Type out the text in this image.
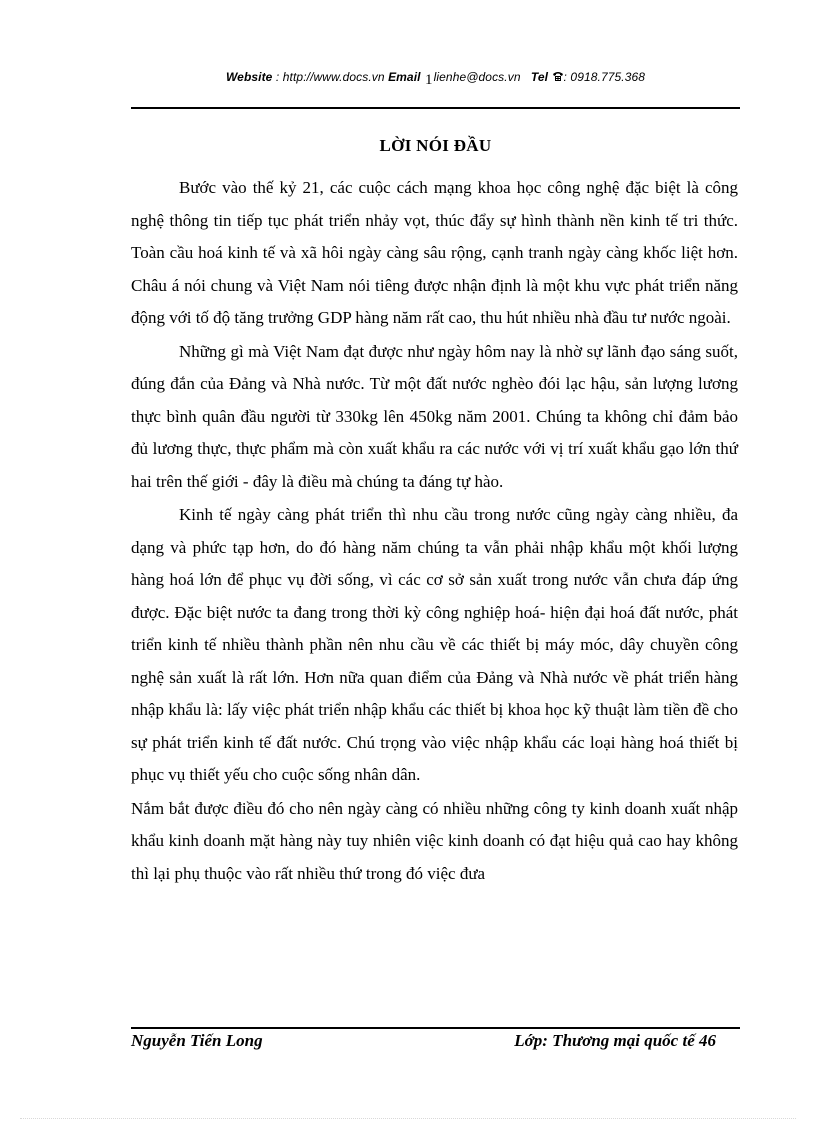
Website : http://www.docs.vn Email 1lienhe@docs.vn Tel : 0918.775.368
LỜI NÓI ĐẦU

Bước vào thế kỷ 21, các cuộc cách mạng khoa học công nghệ đặc biệt là công nghệ thông tin tiếp tục phát triển nhảy vọt, thúc đẩy sự hình thành nền kinh tế tri thức. Toàn cầu hoá kinh tế và xã hôi ngày càng sâu rộng, cạnh tranh ngày càng khốc liệt hơn. Châu á nói chung và Việt Nam nói tiêng được nhận định là một khu vực phát triển năng động với tố độ tăng trưởng GDP hàng năm rất cao, thu hút nhiều nhà đầu tư nước ngoài.

Những gì mà Việt Nam đạt được như ngày hôm nay là nhờ sự lãnh đạo sáng suốt, đúng đắn của Đảng và Nhà nước. Từ một đất nước nghèo đói lạc hậu, sản lượng lương thực bình quân đầu người từ 330kg lên 450kg năm 2001. Chúng ta không chỉ đảm bảo đủ lương thực, thực phẩm mà còn xuất khẩu ra các nước với vị trí xuất khẩu gạo lớn thứ hai trên thế giới - đây là điều mà chúng ta đáng tự hào.

Kinh tế ngày càng phát triển thì nhu cầu trong nước cũng ngày càng nhiều, đa dạng và phức tạp hơn, do đó hàng năm chúng ta vẫn phải nhập khẩu một khối lượng hàng hoá lớn để phục vụ đời sống, vì các cơ sở sản xuất trong nước vẫn chưa đáp ứng được. Đặc biệt nước ta đang trong thời kỳ công nghiệp hoá- hiện đại hoá đất nước, phát triển kinh tế nhiều thành phần nên nhu cầu về các thiết bị máy móc, dây chuyền công nghệ sản xuất là rất lớn. Hơn nữa quan điểm của Đảng và Nhà nước về phát triển hàng nhập khẩu là: lấy việc phát triển nhập khẩu các thiết bị khoa học kỹ thuật làm tiền đề cho sự phát triển kinh tế đất nước. Chú trọng vào việc nhập khẩu các loại hàng hoá thiết bị phục vụ thiết yếu cho cuộc sống nhân dân.

Nắm bắt được điều đó cho nên ngày càng có nhiều những công ty kinh doanh xuất nhập khẩu kinh doanh mặt hàng này tuy nhiên việc kinh doanh có đạt hiệu quả cao hay không thì lại phụ thuộc vào rất nhiều thứ trong đó việc đưa

Nguyễn Tiến Long	Lớp: Thương mại quốc tế 46
